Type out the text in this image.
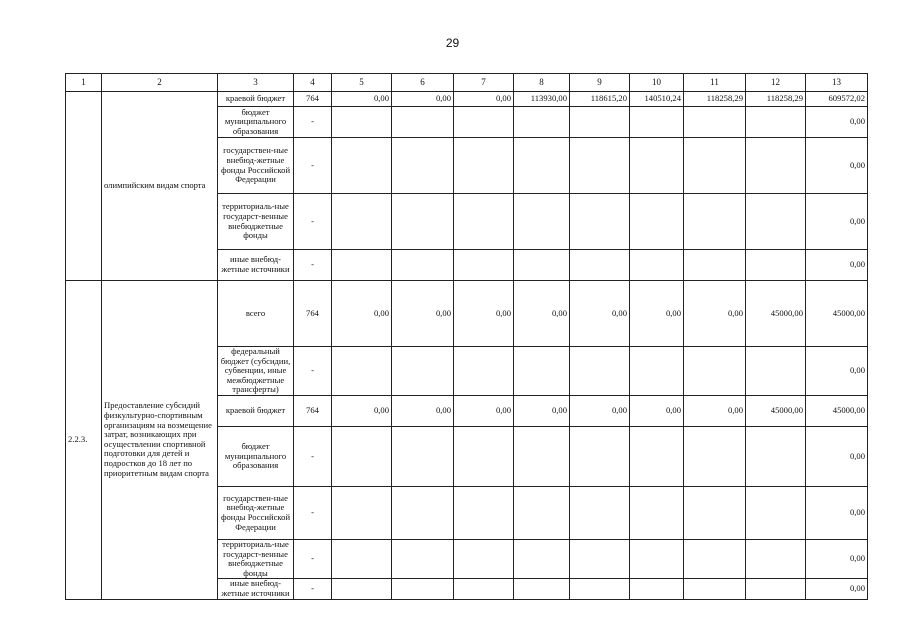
29
1	2	3	4	5	6	7	8	9	10	11	12	13
	олимпийским видам спорта	краевой бюджет	764	0,00	0,00	0,00	113930,00	118615,20	140510,24	118258,29	118258,29	609572,02
		бюджет муниципального образования	-									0,00
		государствен-ные внебюд-жетные фонды Российской Федерации	-									0,00
		территориаль-ные государст-венные внебюджетные фонды	-									0,00
		иные внебюд-жетные источники	-									0,00
2.2.3.	Предоставление субсидий физкультурно-спортивным организациям на возмещение затрат, возникающих при осуществлении спортивной подготовки для детей и подростков до 18 лет по приоритетным видам спорта	всего	764	0,00	0,00	0,00	0,00	0,00	0,00	0,00	45000,00	45000,00
		федеральный бюджет (субсидии, субвенции, иные межбюджетные трансферты)	-									0,00
		краевой бюджет	764	0,00	0,00	0,00	0,00	0,00	0,00	0,00	45000,00	45000,00
		бюджет муниципального образования	-									0,00
		государствен-ные внебюд-жетные фонды Российской Федерации	-									0,00
		территориаль-ные государст-венные внебюджетные фонды	-									0,00
		иные внебюд-жетные источники	-									0,00
